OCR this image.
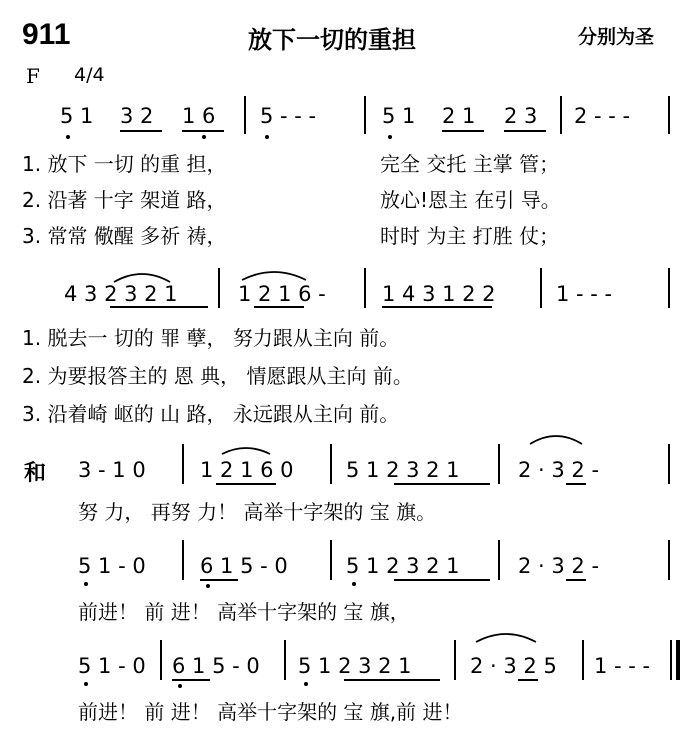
911	放下一切的重担	分别为圣
F 4/4
5 1 3 2 1 6 5 - - -	5 1 2 1 2 3 2 - - -
1. 放下 一切 的重 担，	完全 交托 主掌 管；
2. 沿著 十字 架道 路，	放心!恩主 在引 导。
3. 常常 儆醒 多祈 祷，	时时 为主 打胜 仗；
4 3 2 3 2 1	1 2 1 6 -	1 4 3 1 2 2	1 - - -
1. 脱去一 切的 罪 孽， 努力跟从主向 前。
2. 为要报答主的 恩 典， 情愿跟从主向 前。
3. 沿着崎 岖的 山 路， 永远跟从主向 前。
和 3 - 1 0	1 2 1 6 0 5 1 2 3 2 1	2 · 3 2 -
努 力， 再努 力！ 高举十字架的 宝 旗。
5 1 - 0	6 1 5 - 0	5 1 2 3 2 1	2 · 3 2 -
前进！ 前 进！ 高举十字架的 宝 旗，
5 1 - 0 6 1 5 - 0 5 1 2 3 2 1	2 · 3 2 5 1 - - -
前进！ 前 进！ 高举十字架的 宝 旗,前 进！
